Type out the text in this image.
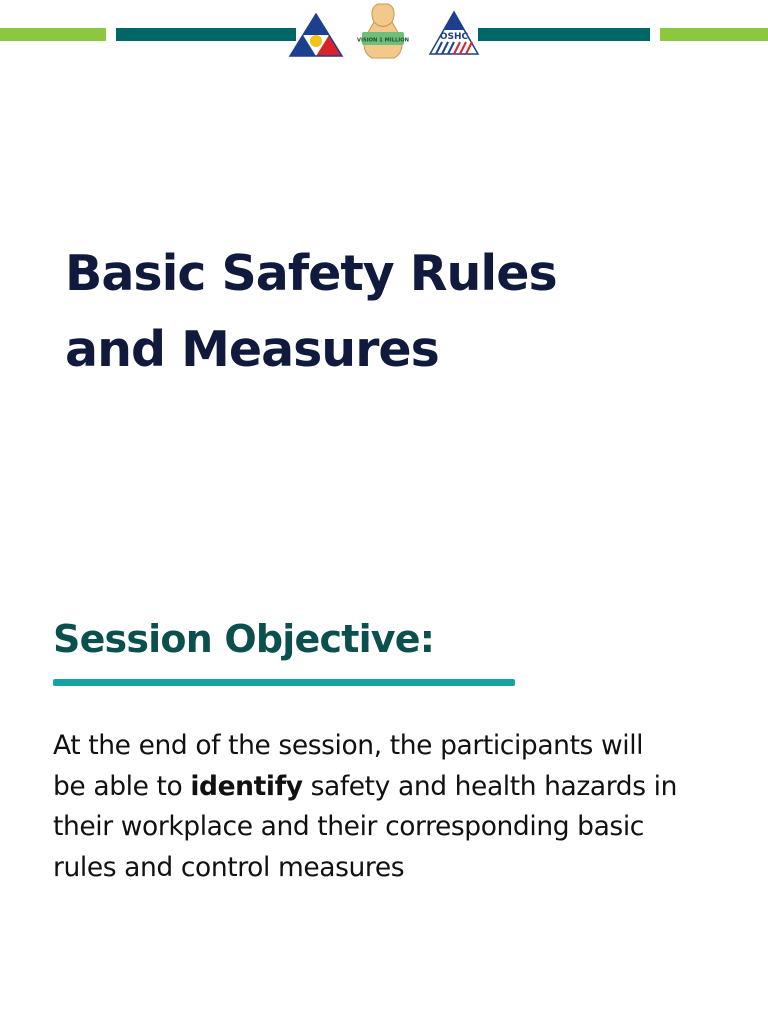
VISION 1 MILLION	OSHC
Basic Safety Rules
and Measures
Session Objective:

At the end of the session, the participants will
be able to identify safety and health hazards in
their workplace and their corresponding basic
rules and control measures
